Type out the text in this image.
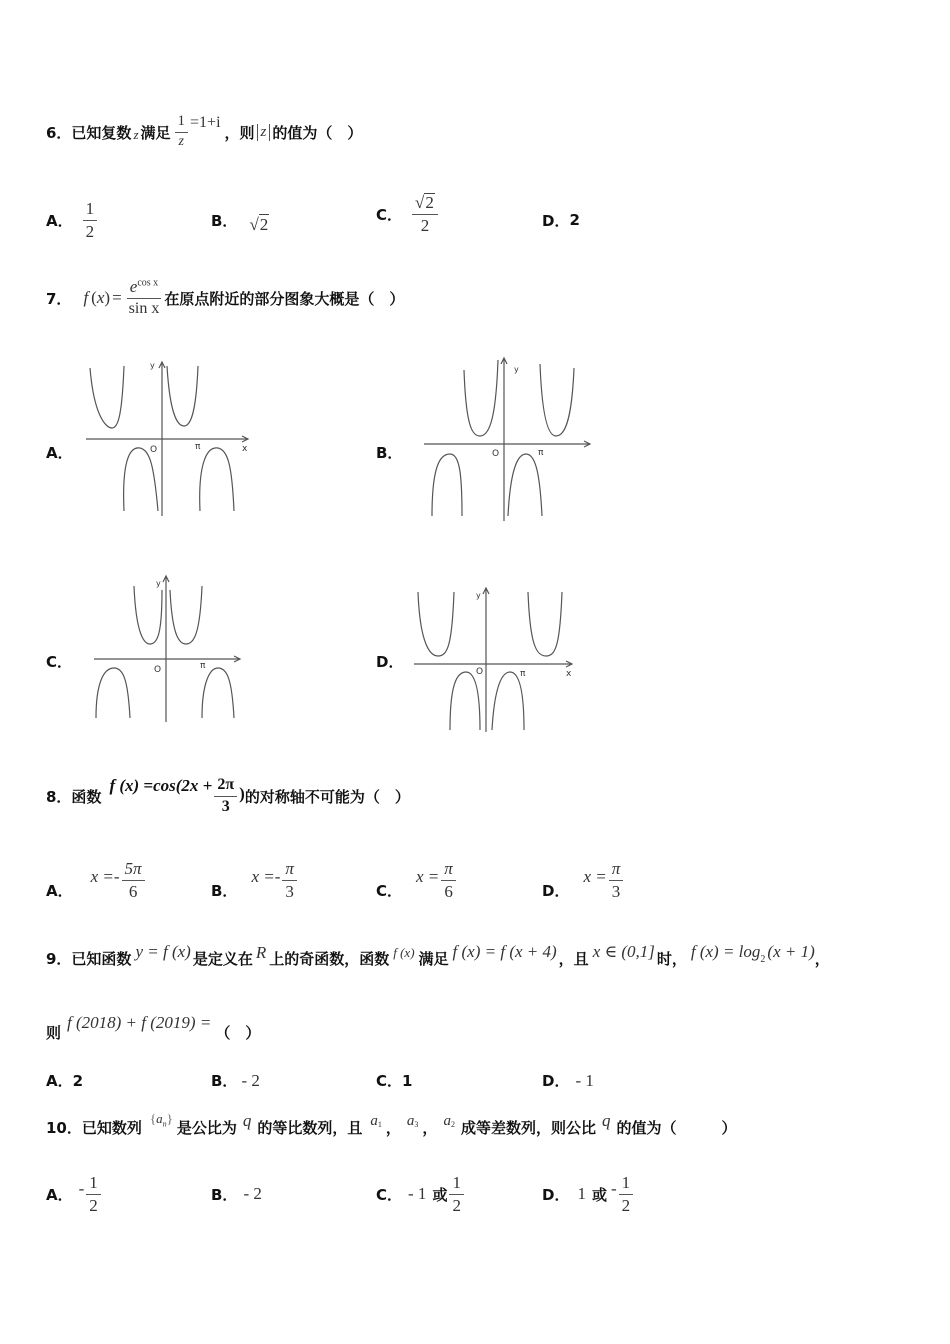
6．已知复数 z 满足 $\frac{1}{z} =1+i$
，则 z 的值为（　）
A． $\frac{1}{2}$	B． √ 2	C． $\frac{√ 2}{2}$	D． 2
7． f ( x ) = $\frac{e^{cos x}}{\text{sin x}}$ 在原点附近的部分图象大概是（　）
A．
y
O	π	x	B．
y
O	π
C．
y
O	π	D．
y
O	π	x
8．函数
f $(x) =\cos(2x + \frac{2\pi}{3}$ ) 的对称轴不可能为（　）
A．
$x =- \frac{5\pi}{6}$	B．
$x =- \frac{\pi}{3}$	C．
$x = \frac{\pi}{6}$	D．
$x = \frac{\pi}{3}$
9．已知函数 y = f (x) 是定义在 R 上的奇函数，函数 f (x) 满足 f (x) = f (x + 4) ，且 x ∈ (0,1] 时， f $(x) = \log_2 (x + 1)$ ，
则
f (2018) + f (2019) =
（　）
A． 2	B． - 2	C． 1	D． - 1
10．已知数列 $\{a_n\}$ 是公比为 q 的等比数列，且 a 1 ， a 3 ， a 2 成等差数列，则公比 q 的值为（　　　）
A． - $\frac{1}{2}$	B． - 2	C． - 1 或 $\frac{1}{2}$	D． 1 或 - $\frac{1}{2}$
